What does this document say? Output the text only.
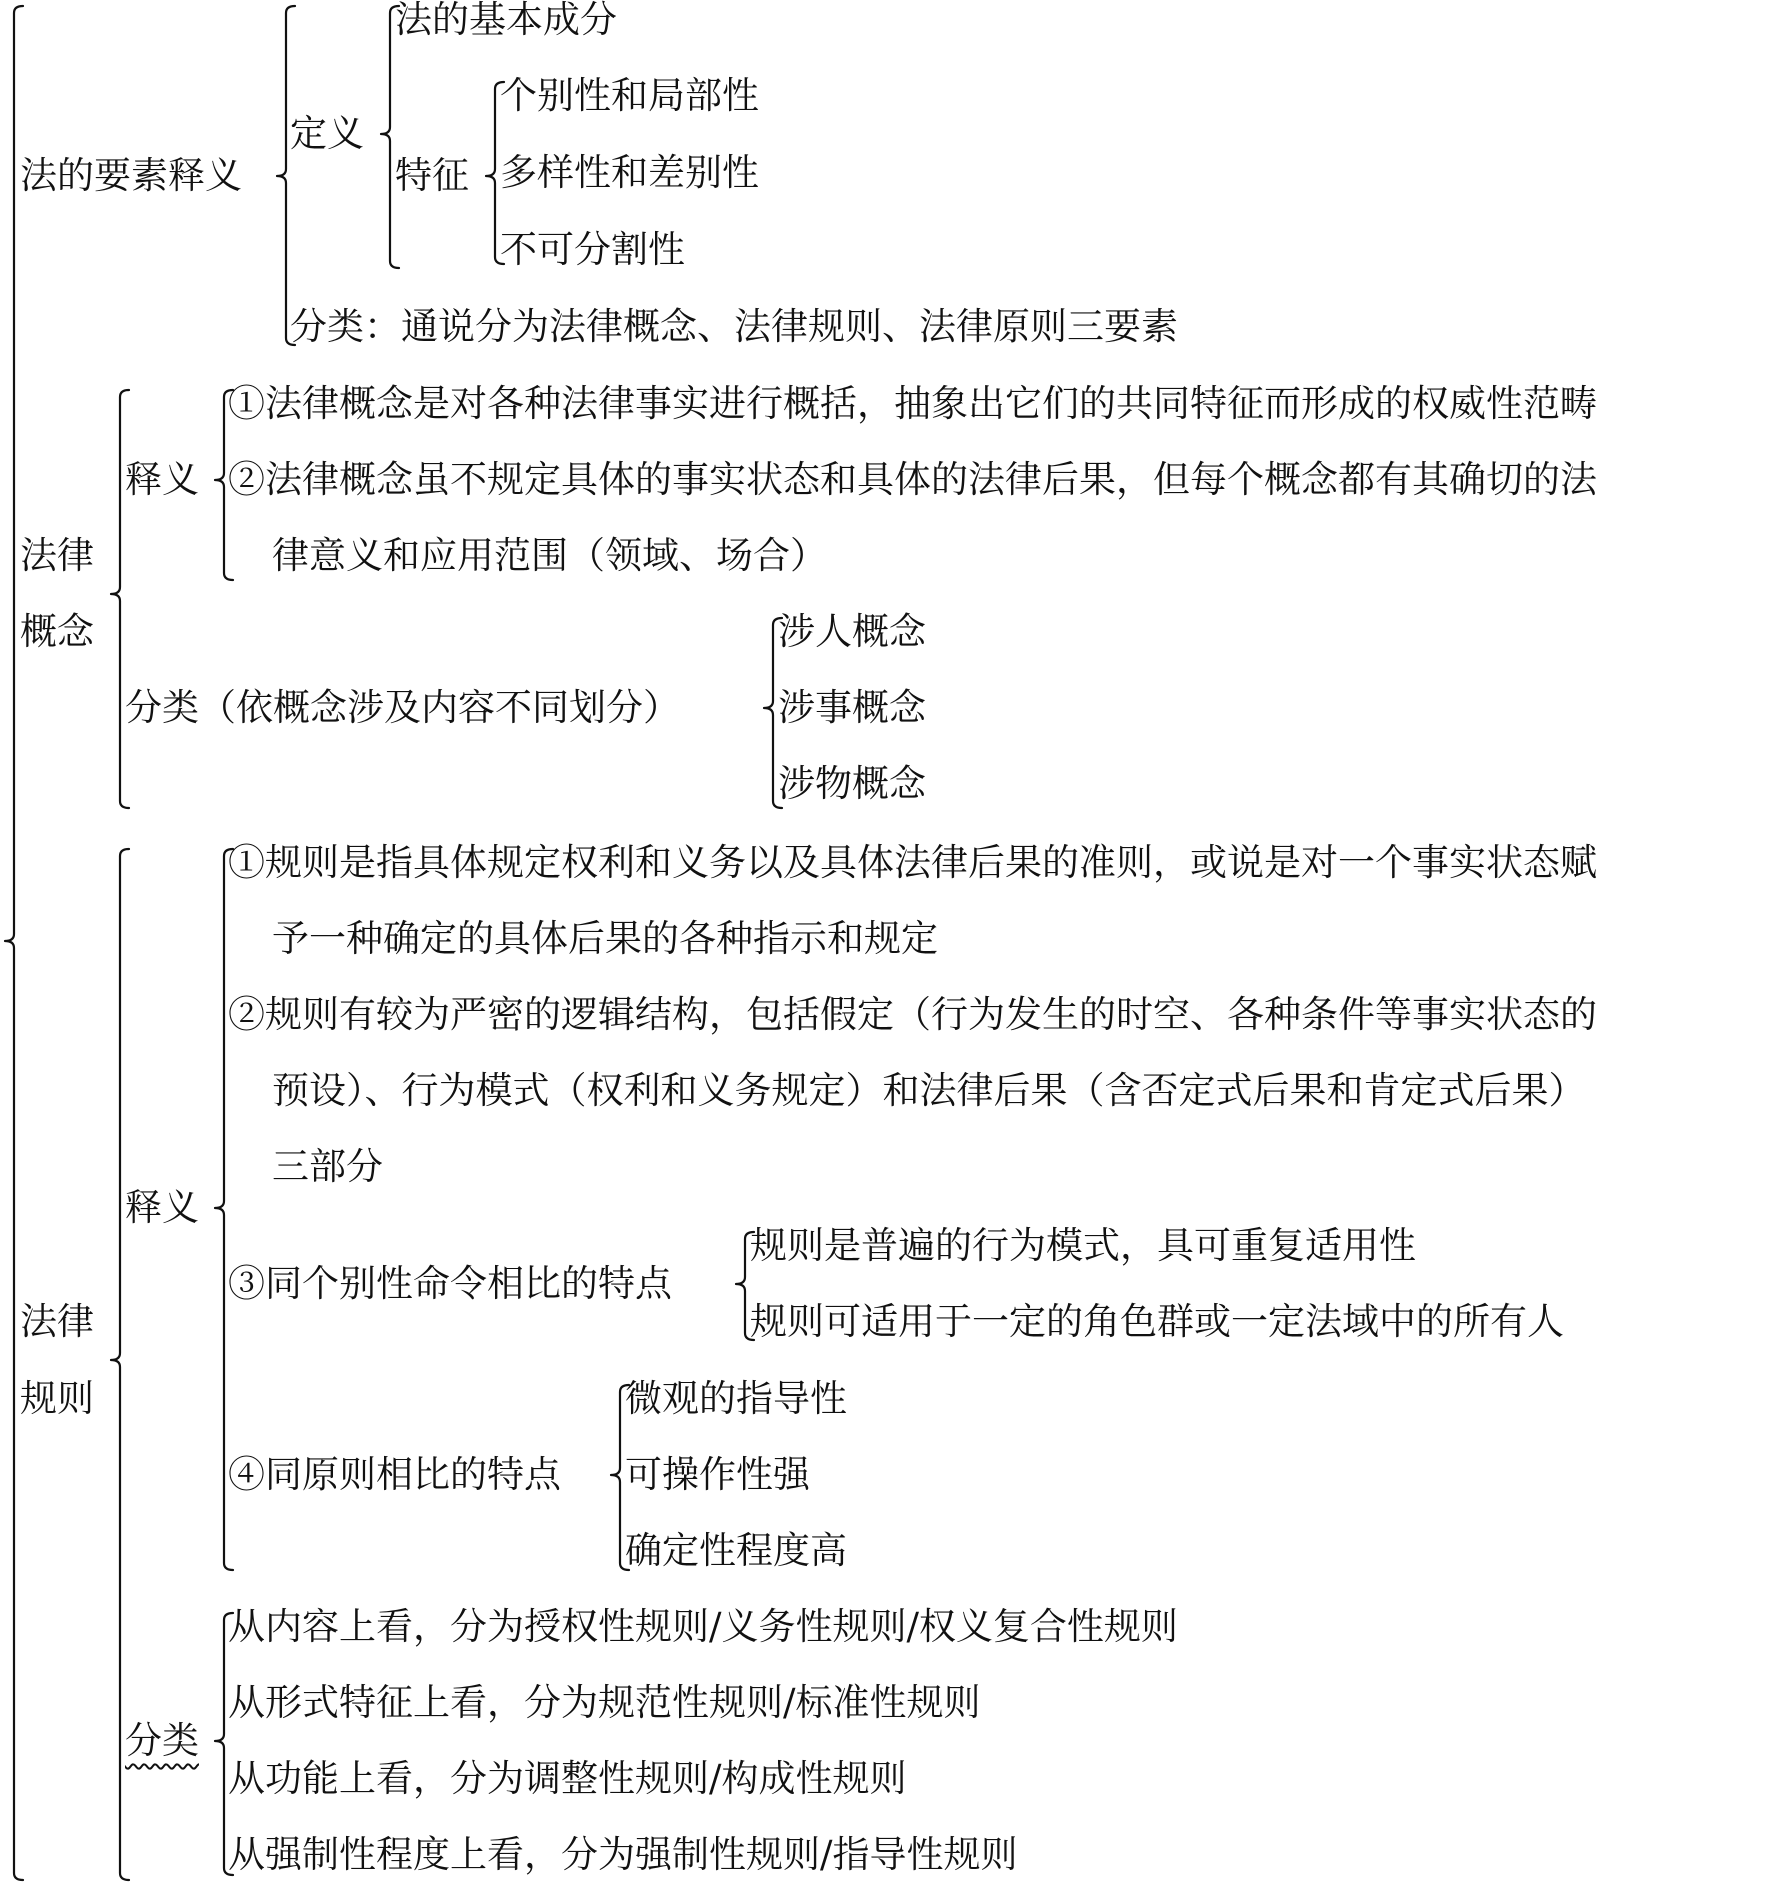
法的要素释义
定义
法的基本成分
特征
个别性和局部性
多样性和差别性
不可分割性
分类：通说分为法律概念、法律规则、法律原则三要素
法律
概念
释义
①法律概念是对各种法律事实进行概括，抽象出它们的共同特征而形成的权威性范畴
②法律概念虽不规定具体的事实状态和具体的法律后果，但每个概念都有其确切的法
律意义和应用范围（领域、场合）
分类（依概念涉及内容不同划分）
涉人概念
涉事概念
涉物概念
法律
规则
释义
①规则是指具体规定权利和义务以及具体法律后果的准则，或说是对一个事实状态赋
予一种确定的具体后果的各种指示和规定
②规则有较为严密的逻辑结构，包括假定（行为发生的时空、各种条件等事实状态的
预设）、行为模式（权利和义务规定）和法律后果（含否定式后果和肯定式后果）
三部分
③同个别性命令相比的特点
规则是普遍的行为模式，具可重复适用性
规则可适用于一定的角色群或一定法域中的所有人
④同原则相比的特点
微观的指导性
可操作性强
确定性程度高
分类
从内容上看，分为授权性规则/义务性规则/权义复合性规则
从形式特征上看，分为规范性规则/标准性规则
从功能上看，分为调整性规则/构成性规则
从强制性程度上看，分为强制性规则/指导性规则
